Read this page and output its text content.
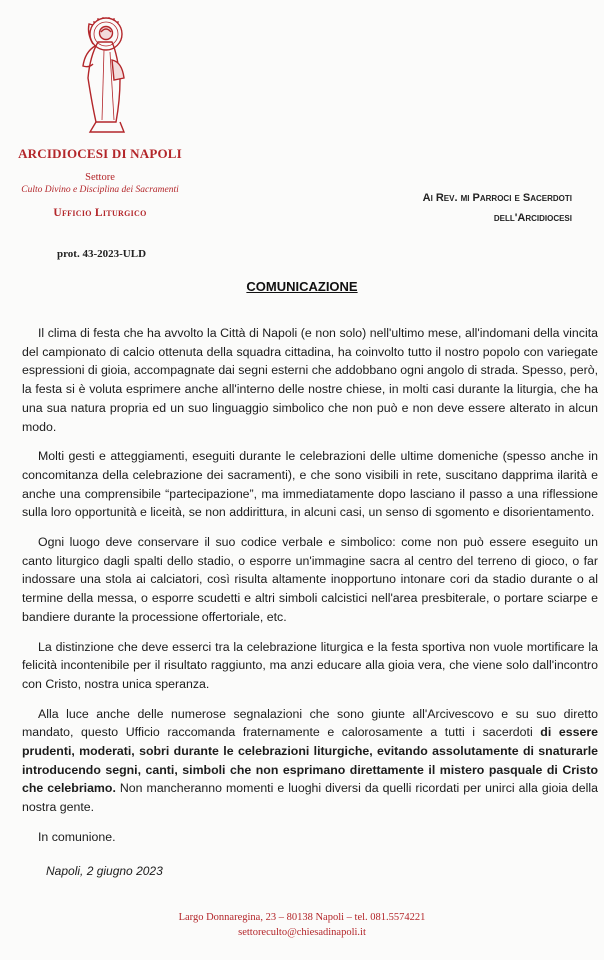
ARCIDIOCESI DI NAPOLI
Settore
Culto Divino e Disciplina dei Sacramenti
Ufficio Liturgico
prot. 43-2023-ULD
Ai Rev. mi Parroci e Sacerdoti
dell'Arcidiocesi
COMUNICAZIONE

Il clima di festa che ha avvolto la Città di Napoli (e non solo) nell'ultimo mese, all'indomani della vincita del campionato di calcio ottenuta della squadra cittadina, ha coinvolto tutto il nostro popolo con variegate espressioni di gioia, accompagnate dai segni esterni che addobbano ogni angolo di strada. Spesso, però, la festa si è voluta esprimere anche all'interno delle nostre chiese, in molti casi durante la liturgia, che ha una sua natura propria ed un suo linguaggio simbolico che non può e non deve essere alterato in alcun modo.

Molti gesti e atteggiamenti, eseguiti durante le celebrazioni delle ultime domeniche (spesso anche in concomitanza della celebrazione dei sacramenti), e che sono visibili in rete, suscitano dapprima ilarità e anche una comprensibile “partecipazione”, ma immediatamente dopo lasciano il passo a una riflessione sulla loro opportunità e liceità, se non addirittura, in alcuni casi, un senso di sgomento e disorientamento.

Ogni luogo deve conservare il suo codice verbale e simbolico: come non può essere eseguito un canto liturgico dagli spalti dello stadio, o esporre un'immagine sacra al centro del terreno di gioco, o far indossare una stola ai calciatori, così risulta altamente inopportuno intonare cori da stadio durante o al termine della messa, o esporre scudetti e altri simboli calcistici nell'area presbiterale, o portare sciarpe e bandiere durante la processione offertoriale, etc.

La distinzione che deve esserci tra la celebrazione liturgica e la festa sportiva non vuole mortificare la felicità incontenibile per il risultato raggiunto, ma anzi educare alla gioia vera, che viene solo dall'incontro con Cristo, nostra unica speranza.

Alla luce anche delle numerose segnalazioni che sono giunte all'Arcivescovo e su suo diretto mandato, questo Ufficio raccomanda fraternamente e calorosamente a tutti i sacerdoti di essere prudenti, moderati, sobri durante le celebrazioni liturgiche, evitando assolutamente di snaturarle introducendo segni, canti, simboli che non esprimano direttamente il mistero pasquale di Cristo che celebriamo. Non mancheranno momenti e luoghi diversi da quelli ricordati per unirci alla gioia della nostra gente.

In comunione.

Napoli, 2 giugno 2023
Largo Donnaregina, 23 – 80138 Napoli – tel. 081.5574221
settoreculto@chiesadinapoli.it
